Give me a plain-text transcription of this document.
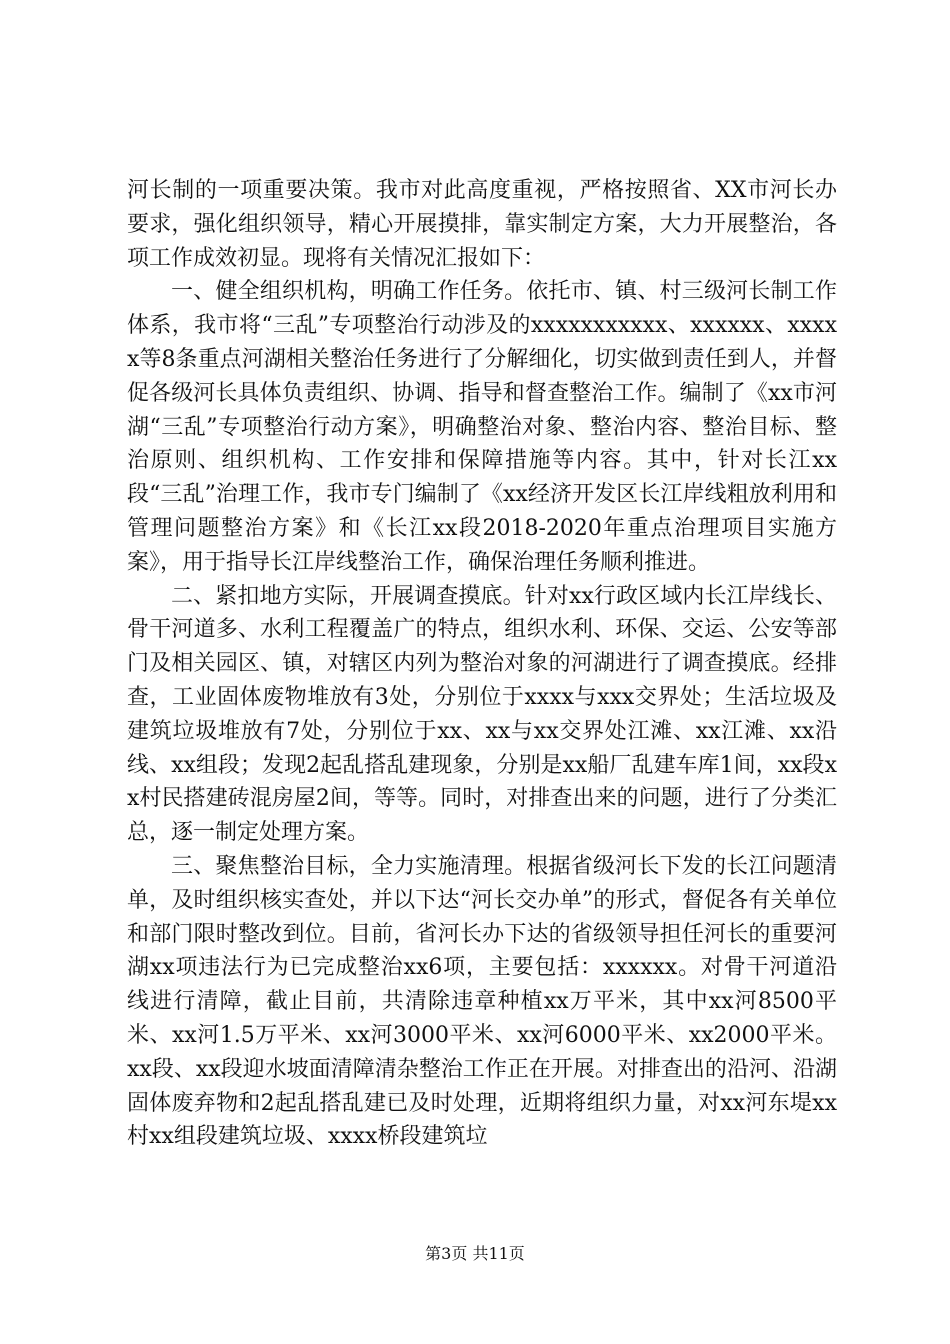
河长制的一项重要决策。我市对此高度重视，严格按照省、XX市河长办要求，强化组织领导，精心开展摸排，靠实制定方案，大力开展整治，各项工作成效初显。现将有关情况汇报如下：

一、健全组织机构，明确工作任务。依托市、镇、村三级河长制工作体系，我市将“三乱”专项整治行动涉及的xxxxxxxxxxx、xxxxxx、xxxxx等8条重点河湖相关整治任务进行了分解细化，切实做到责任到人，并督促各级河长具体负责组织、协调、指导和督查整治工作。编制了《xx市河湖“三乱”专项整治行动方案》，明确整治对象、整治内容、整治目标、整治原则、组织机构、工作安排和保障措施等内容。其中，针对长江xx段“三乱”治理工作，我市专门编制了《xx经济开发区长江岸线粗放利用和管理问题整治方案》和《长江xx段2018-2020年重点治理项目实施方案》，用于指导长江岸线整治工作，确保治理任务顺利推进。

二、紧扣地方实际，开展调查摸底。针对xx行政区域内长江岸线长、骨干河道多、水利工程覆盖广的特点，组织水利、环保、交运、公安等部门及相关园区、镇，对辖区内列为整治对象的河湖进行了调查摸底。经排查，工业固体废物堆放有3处，分别位于xxxx与xxx交界处；生活垃圾及建筑垃圾堆放有7处，分别位于xx、xx与xx交界处江滩、xx江滩、xx沿线、xx组段；发现2起乱搭乱建现象，分别是xx船厂乱建车库1间，xx段xx村民搭建砖混房屋2间，等等。同时，对排查出来的问题，进行了分类汇总，逐一制定处理方案。

三、聚焦整治目标，全力实施清理。根据省级河长下发的长江问题清单，及时组织核实查处，并以下达“河长交办单”的形式，督促各有关单位和部门限时整改到位。目前，省河长办下达的省级领导担任河长的重要河湖xx项违法行为已完成整治xx6项，主要包括：xxxxxx。对骨干河道沿线进行清障，截止目前，共清除违章种植xx万平米，其中xx河8500平米、xx河1.5万平米、xx河3000平米、xx河6000平米、xx2000平米。xx段、xx段迎水坡面清障清杂整治工作正在开展。对排查出的沿河、沿湖固体废弃物和2起乱搭乱建已及时处理，近期将组织力量，对xx河东堤xx村xx组段建筑垃圾、xxxx桥段建筑垃

第3页 共11页
